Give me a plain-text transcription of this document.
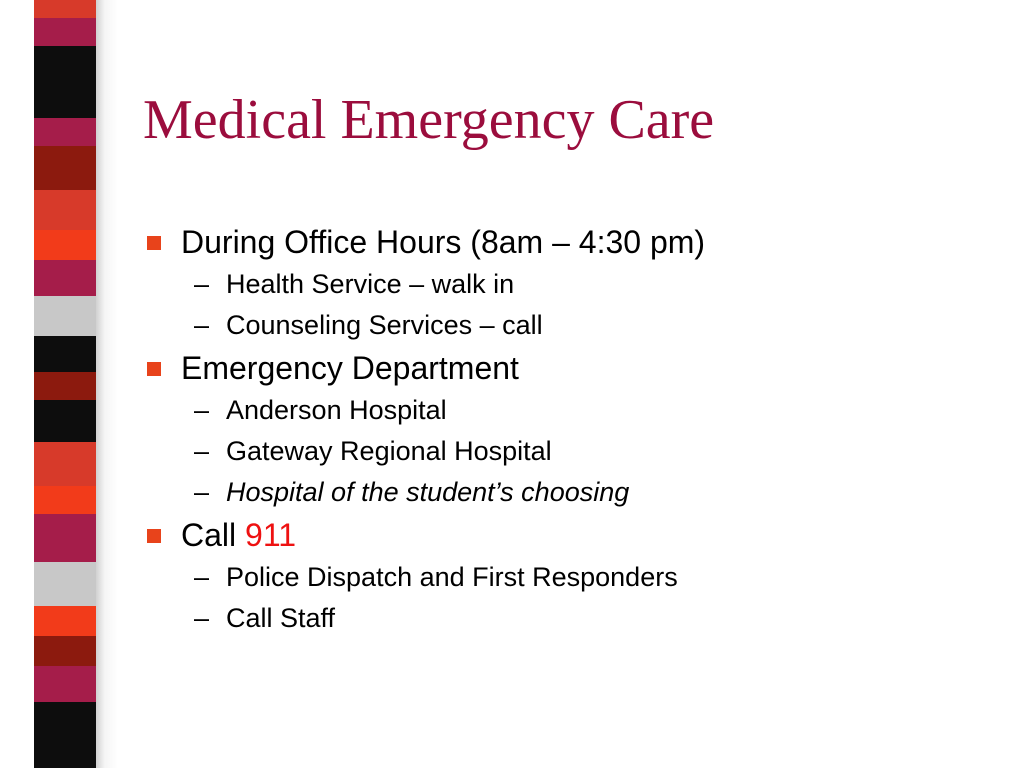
Medical Emergency Care
During Office Hours (8am – 4:30 pm)
– Health Service – walk in
– Counseling Services – call
Emergency Department
– Anderson Hospital
– Gateway Regional Hospital
– Hospital of the student’s choosing
Call 911
– Police Dispatch and First Responders
– Call Staff
